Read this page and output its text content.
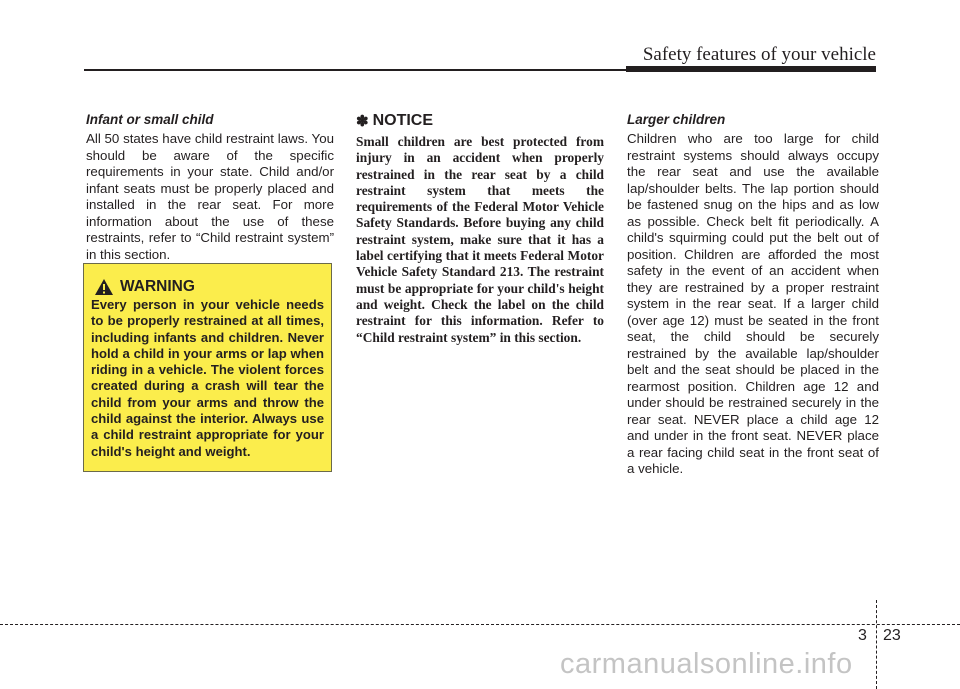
Safety features of your vehicle

Infant or small child

All 50 states have child restraint laws. You should be aware of the specific requirements in your state. Child and/or infant seats must be properly placed and installed in the rear seat. For more information about the use of these restraints, refer to “Child restraint system” in this section.

WARNING

Every person in your vehicle needs to be properly restrained at all times, including infants and children. Never hold a child in your arms or lap when riding in a vehicle. The violent forces created during a crash will tear the child from your arms and throw the child against the interior. Always use a child restraint appropriate for your child's height and weight.

✽ NOTICE

Small children are best protected from injury in an accident when properly restrained in the rear seat by a child restraint system that meets the requirements of the Federal Motor Vehicle Safety Standards. Before buying any child restraint system, make sure that it has a label certifying that it meets Federal Motor Vehicle Safety Standard 213. The restraint must be appropriate for your child's height and weight. Check the label on the child restraint for this information. Refer to “Child restraint system” in this section.

Larger children

Children who are too large for child restraint systems should always occupy the rear seat and use the available lap/shoulder belts. The lap portion should be fastened snug on the hips and as low as possible. Check belt fit periodically. A child's squirming could put the belt out of position. Children are afforded the most safety in the event of an accident when they are restrained by a proper restraint system in the rear seat. If a larger child (over age 12) must be seated in the front seat, the child should be securely restrained by the available lap/shoulder belt and the seat should be placed in the rearmost position. Children age 12 and under should be restrained securely in the rear seat. NEVER place a child age 12 and under in the front seat. NEVER place a rear facing child seat in the front seat of a vehicle.

3 23
carmanualsonline.info
